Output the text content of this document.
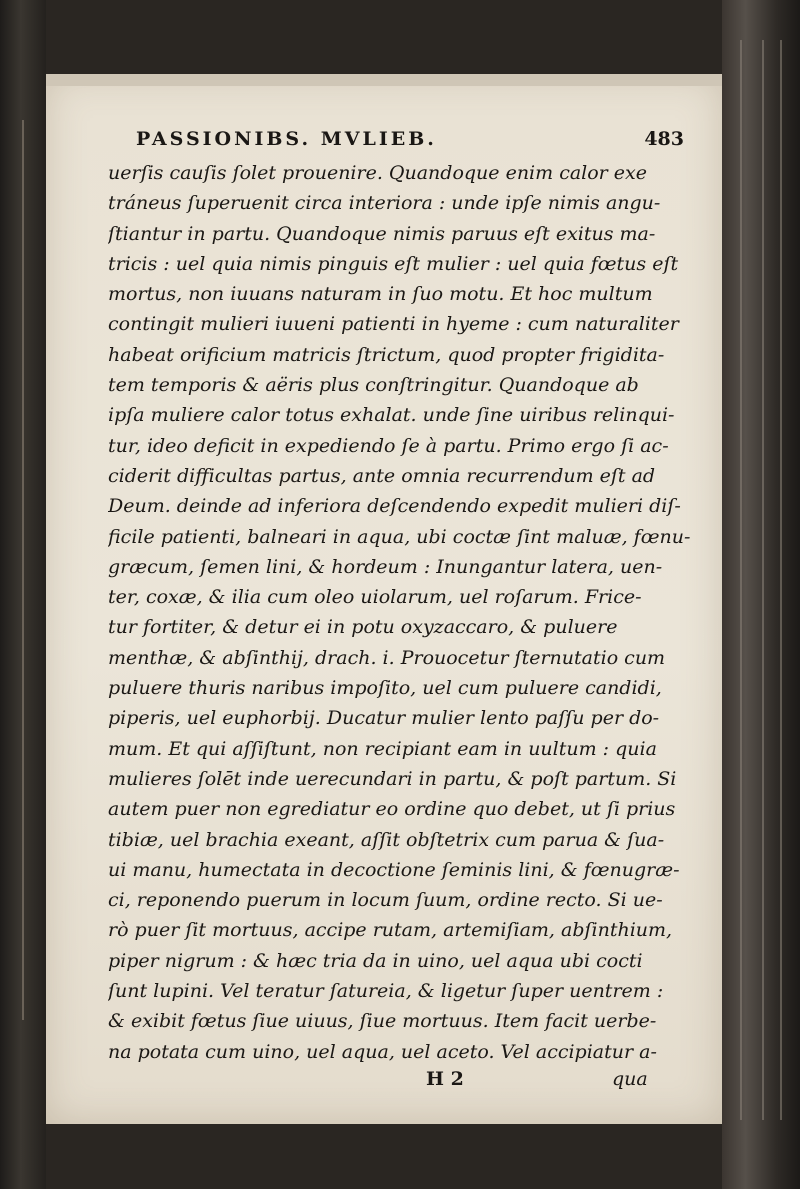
PASSIONIBS. MVLIEB.	483
uerſis cauſis ſolet prouenire. Quandoque enim calor exe
tráneus ſuperuenit circa interiora : unde ipſe nimis angu-
ſtiantur in partu. Quandoque nimis paruus eſt exitus ma-
tricis : uel quia nimis pinguis eſt mulier : uel quia fœtus eſt
mortus, non iuuans naturam in ſuo motu. Et hoc multum
contingit mulieri iuueni patienti in hyeme : cum naturaliter
habeat orificium matricis ſtrictum, quod propter frigidita-
tem temporis & aëris plus conſtringitur. Quandoque ab
ipſa muliere calor totus exhalat. unde ſine uiribus relinqui-
tur, ideo deficit in expediendo ſe à partu. Primo ergo ſi ac-
ciderit difficultas partus, ante omnia recurrendum eſt ad
Deum. deinde ad inferiora deſcendendo expedit mulieri diſ-
ficile patienti, balneari in aqua, ubi coctæ ſint maluæ, fœnu-
græcum, ſemen lini, & hordeum : Inungantur latera, uen-
ter, coxæ, & ilia cum oleo uiolarum, uel roſarum. Frice-
tur fortiter, & detur ei in potu oxyzaccaro, & puluere
menthæ, & abſinthij, drach. i. Prouocetur ſternutatio cum
puluere thuris naribus impoſito, uel cum puluere candidi,
piperis, uel euphorbij. Ducatur mulier lento paſſu per do-
mum. Et qui aſſiſtunt, non recipiant eam in uultum : quia
mulieres ſolēt inde uerecundari in partu, & poſt partum. Si
autem puer non egrediatur eo ordine quo debet, ut ſi prius
tibiæ, uel brachia exeant, aſſit obſtetrix cum parua & ſua-
ui manu, humectata in decoctione ſeminis lini, & fœnugræ-
ci, reponendo puerum in locum ſuum, ordine recto. Si ue-
rò puer ſit mortuus, accipe rutam, artemiſiam, abſinthium,
piper nigrum : & hæc tria da in uino, uel aqua ubi cocti
ſunt lupini. Vel teratur ſatureia, & ligetur ſuper uentrem :
& exibit fœtus ſiue uiuus, ſiue mortuus. Item facit uerbe-
na potata cum uino, uel aqua, uel aceto. Vel accipiatur a-
H 2	qua
